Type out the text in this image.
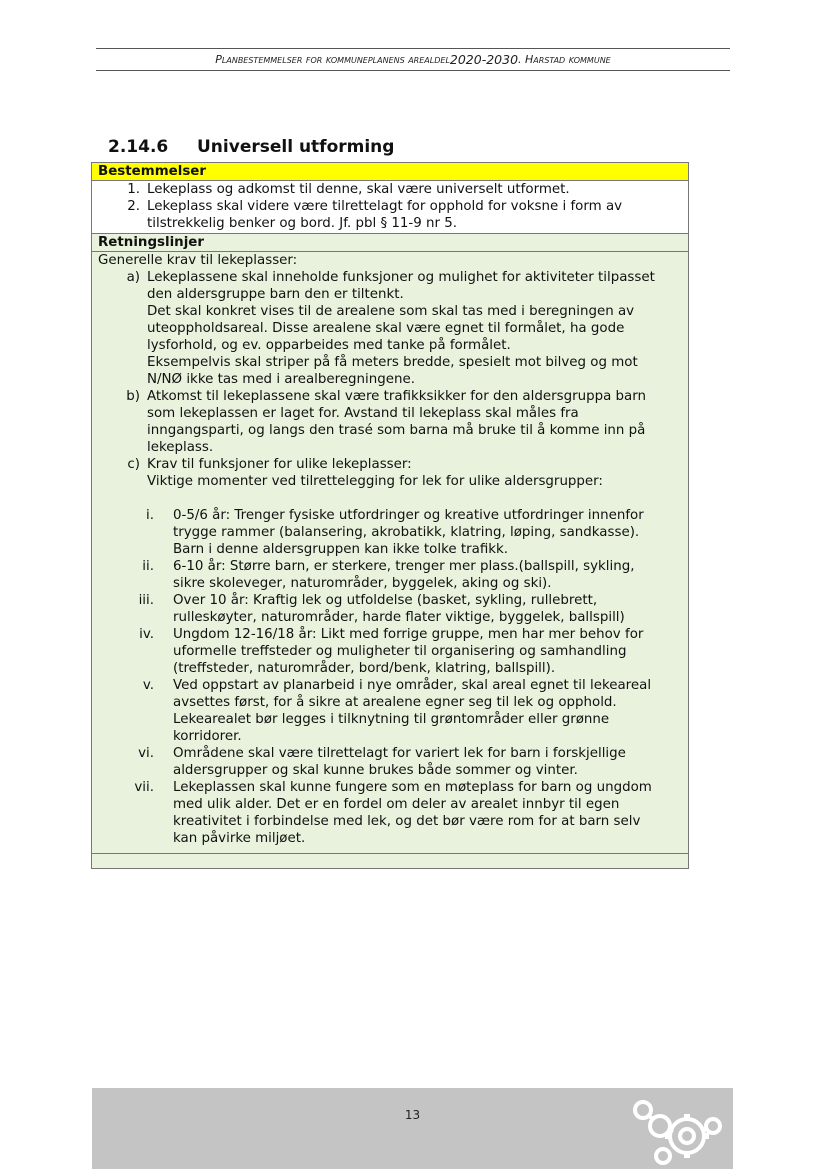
Planbestemmelser for kommuneplanens arealdel 2020-2030 . Harstad kommune
2.14.6 Universell utforming
Bestemmelser
1. Lekeplass og adkomst til denne, skal være universelt utformet.
2. Lekeplass skal videre være tilrettelagt for opphold for voksne i form av
tilstrekkelig benker og bord. Jf. pbl § 11-9 nr 5.
Retningslinjer
Generelle krav til lekeplasser:
a) Lekeplassene skal inneholde funksjoner og mulighet for aktiviteter tilpasset
den aldersgruppe barn den er tiltenkt.
Det skal konkret vises til de arealene som skal tas med i beregningen av
uteoppholdsareal. Disse arealene skal være egnet til formålet, ha gode
lysforhold, og ev. opparbeides med tanke på formålet.
Eksempelvis skal striper på få meters bredde, spesielt mot bilveg og mot
N/NØ ikke tas med i arealberegningene.
b) Atkomst til lekeplassene skal være trafikksikker for den aldersgruppa barn
som lekeplassen er laget for. Avstand til lekeplass skal måles fra
inngangsparti, og langs den trasé som barna må bruke til å komme inn på
lekeplass.
c) Krav til funksjoner for ulike lekeplasser:
Viktige momenter ved tilrettelegging for lek for ulike aldersgrupper:
i.	0-5/6 år: Trenger fysiske utfordringer og kreative utfordringer innenfor
trygge rammer (balansering, akrobatikk, klatring, løping, sandkasse).
Barn i denne aldersgruppen kan ikke tolke trafikk.
ii.	6-10 år: Større barn, er sterkere, trenger mer plass.(ballspill, sykling,
sikre skoleveger, naturområder, byggelek, aking og ski).
iii.	Over 10 år: Kraftig lek og utfoldelse (basket, sykling, rullebrett,
rulleskøyter, naturområder, harde flater viktige, byggelek, ballspill)
iv.	Ungdom 12-16/18 år: Likt med forrige gruppe, men har mer behov for
uformelle treffsteder og muligheter til organisering og samhandling
(treffsteder, naturområder, bord/benk, klatring, ballspill).
v.	Ved oppstart av planarbeid i nye områder, skal areal egnet til lekeareal
avsettes først, for å sikre at arealene egner seg til lek og opphold.
Lekearealet bør legges i tilknytning til grøntområder eller grønne
korridorer.
vi.	Områdene skal være tilrettelagt for variert lek for barn i forskjellige
aldersgrupper og skal kunne brukes både sommer og vinter.
vii.	Lekeplassen skal kunne fungere som en møteplass for barn og ungdom
med ulik alder. Det er en fordel om deler av arealet innbyr til egen
kreativitet i forbindelse med lek, og det bør være rom for at barn selv
kan påvirke miljøet.
13
